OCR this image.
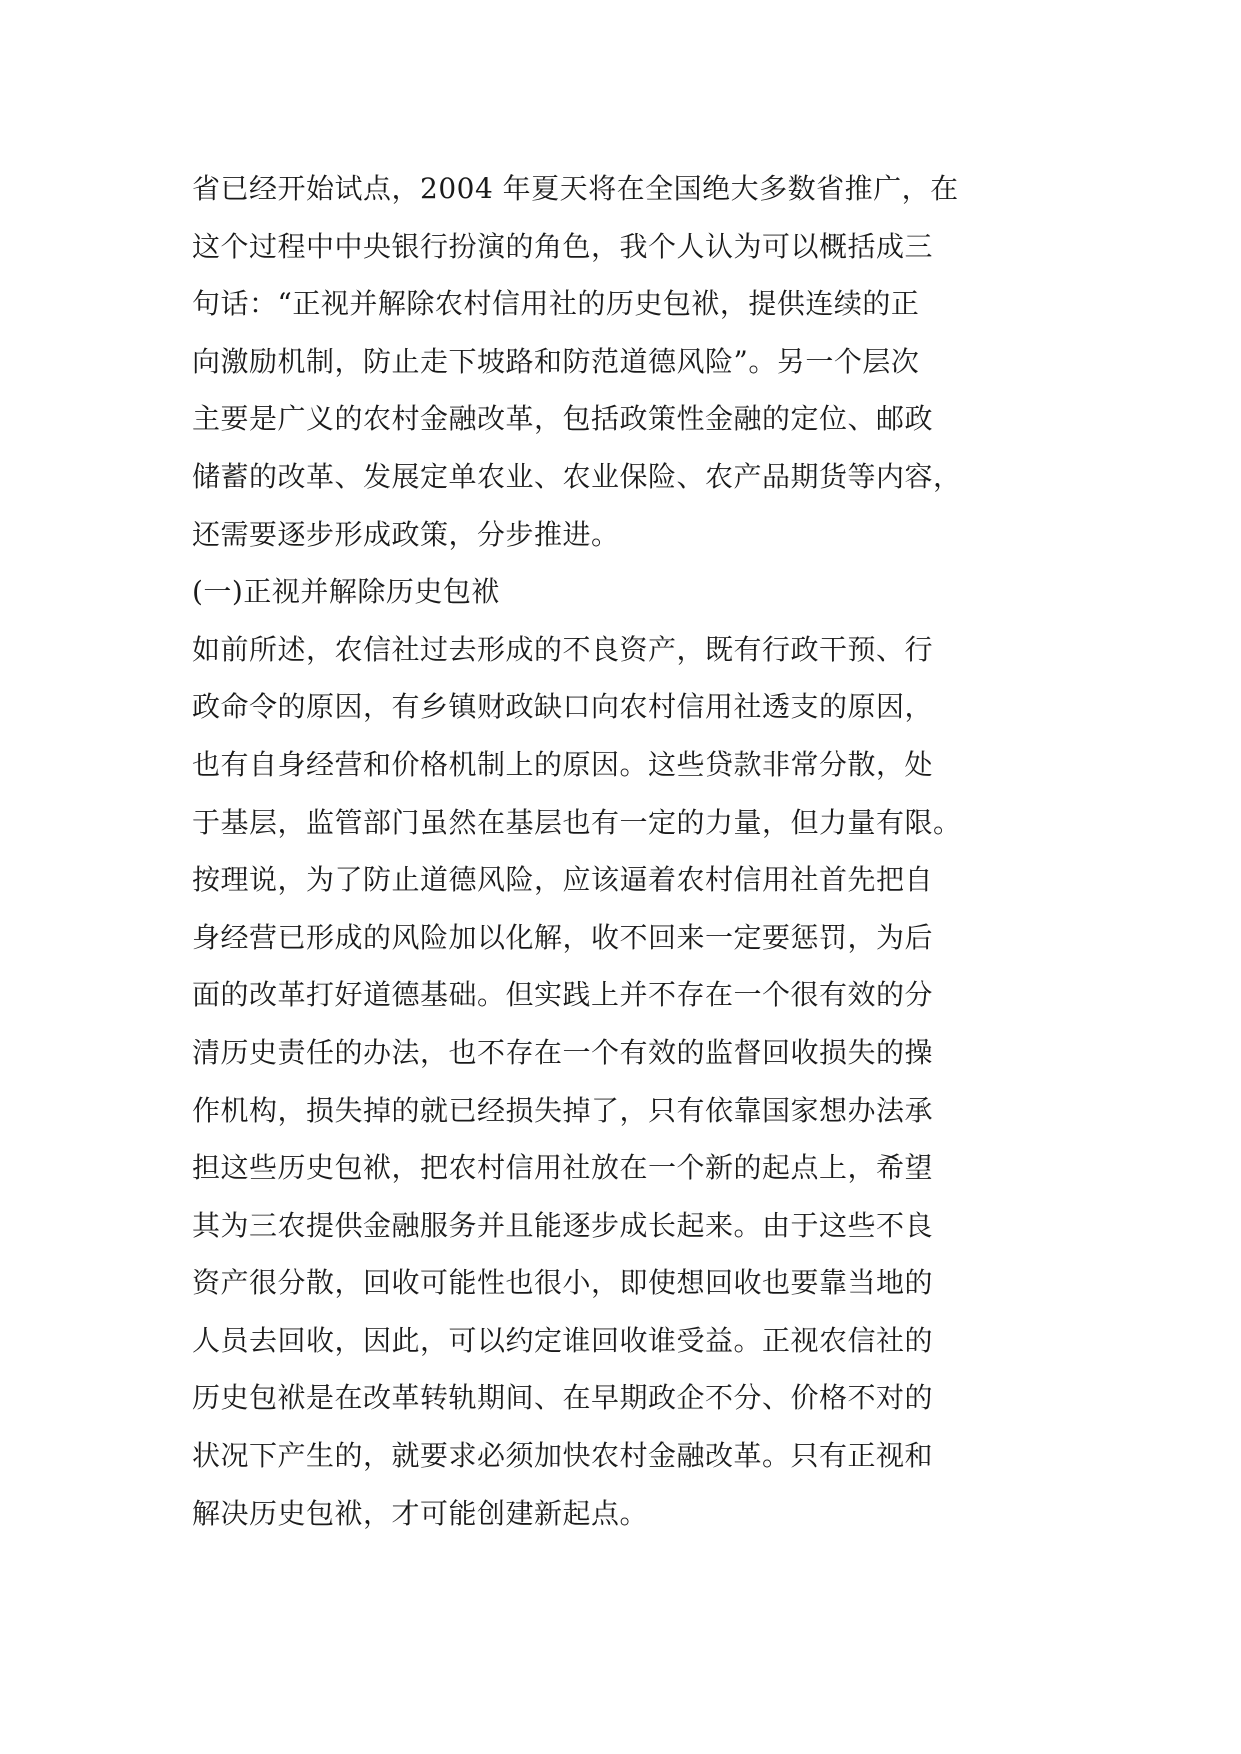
省已经开始试点，2004 年夏天将在全国绝大多数省推广，在
这个过程中中央银行扮演的角色，我个人认为可以概括成三
句话：“正视并解除农村信用社的历史包袱，提供连续的正
向激励机制，防止走下坡路和防范道德风险”。另一个层次
主要是广义的农村金融改革，包括政策性金融的定位、邮政
储蓄的改革、发展定单农业、农业保险、农产品期货等内容，
还需要逐步形成政策，分步推进。
(一)正视并解除历史包袱
如前所述，农信社过去形成的不良资产，既有行政干预、行
政命令的原因，有乡镇财政缺口向农村信用社透支的原因，
也有自身经营和价格机制上的原因。这些贷款非常分散，处
于基层，监管部门虽然在基层也有一定的力量，但力量有限。
按理说，为了防止道德风险，应该逼着农村信用社首先把自
身经营已形成的风险加以化解，收不回来一定要惩罚，为后
面的改革打好道德基础。但实践上并不存在一个很有效的分
清历史责任的办法，也不存在一个有效的监督回收损失的操
作机构，损失掉的就已经损失掉了，只有依靠国家想办法承
担这些历史包袱，把农村信用社放在一个新的起点上，希望
其为三农提供金融服务并且能逐步成长起来。由于这些不良
资产很分散，回收可能性也很小，即使想回收也要靠当地的
人员去回收，因此，可以约定谁回收谁受益。正视农信社的
历史包袱是在改革转轨期间、在早期政企不分、价格不对的
状况下产生的，就要求必须加快农村金融改革。只有正视和
解决历史包袱，才可能创建新起点。
